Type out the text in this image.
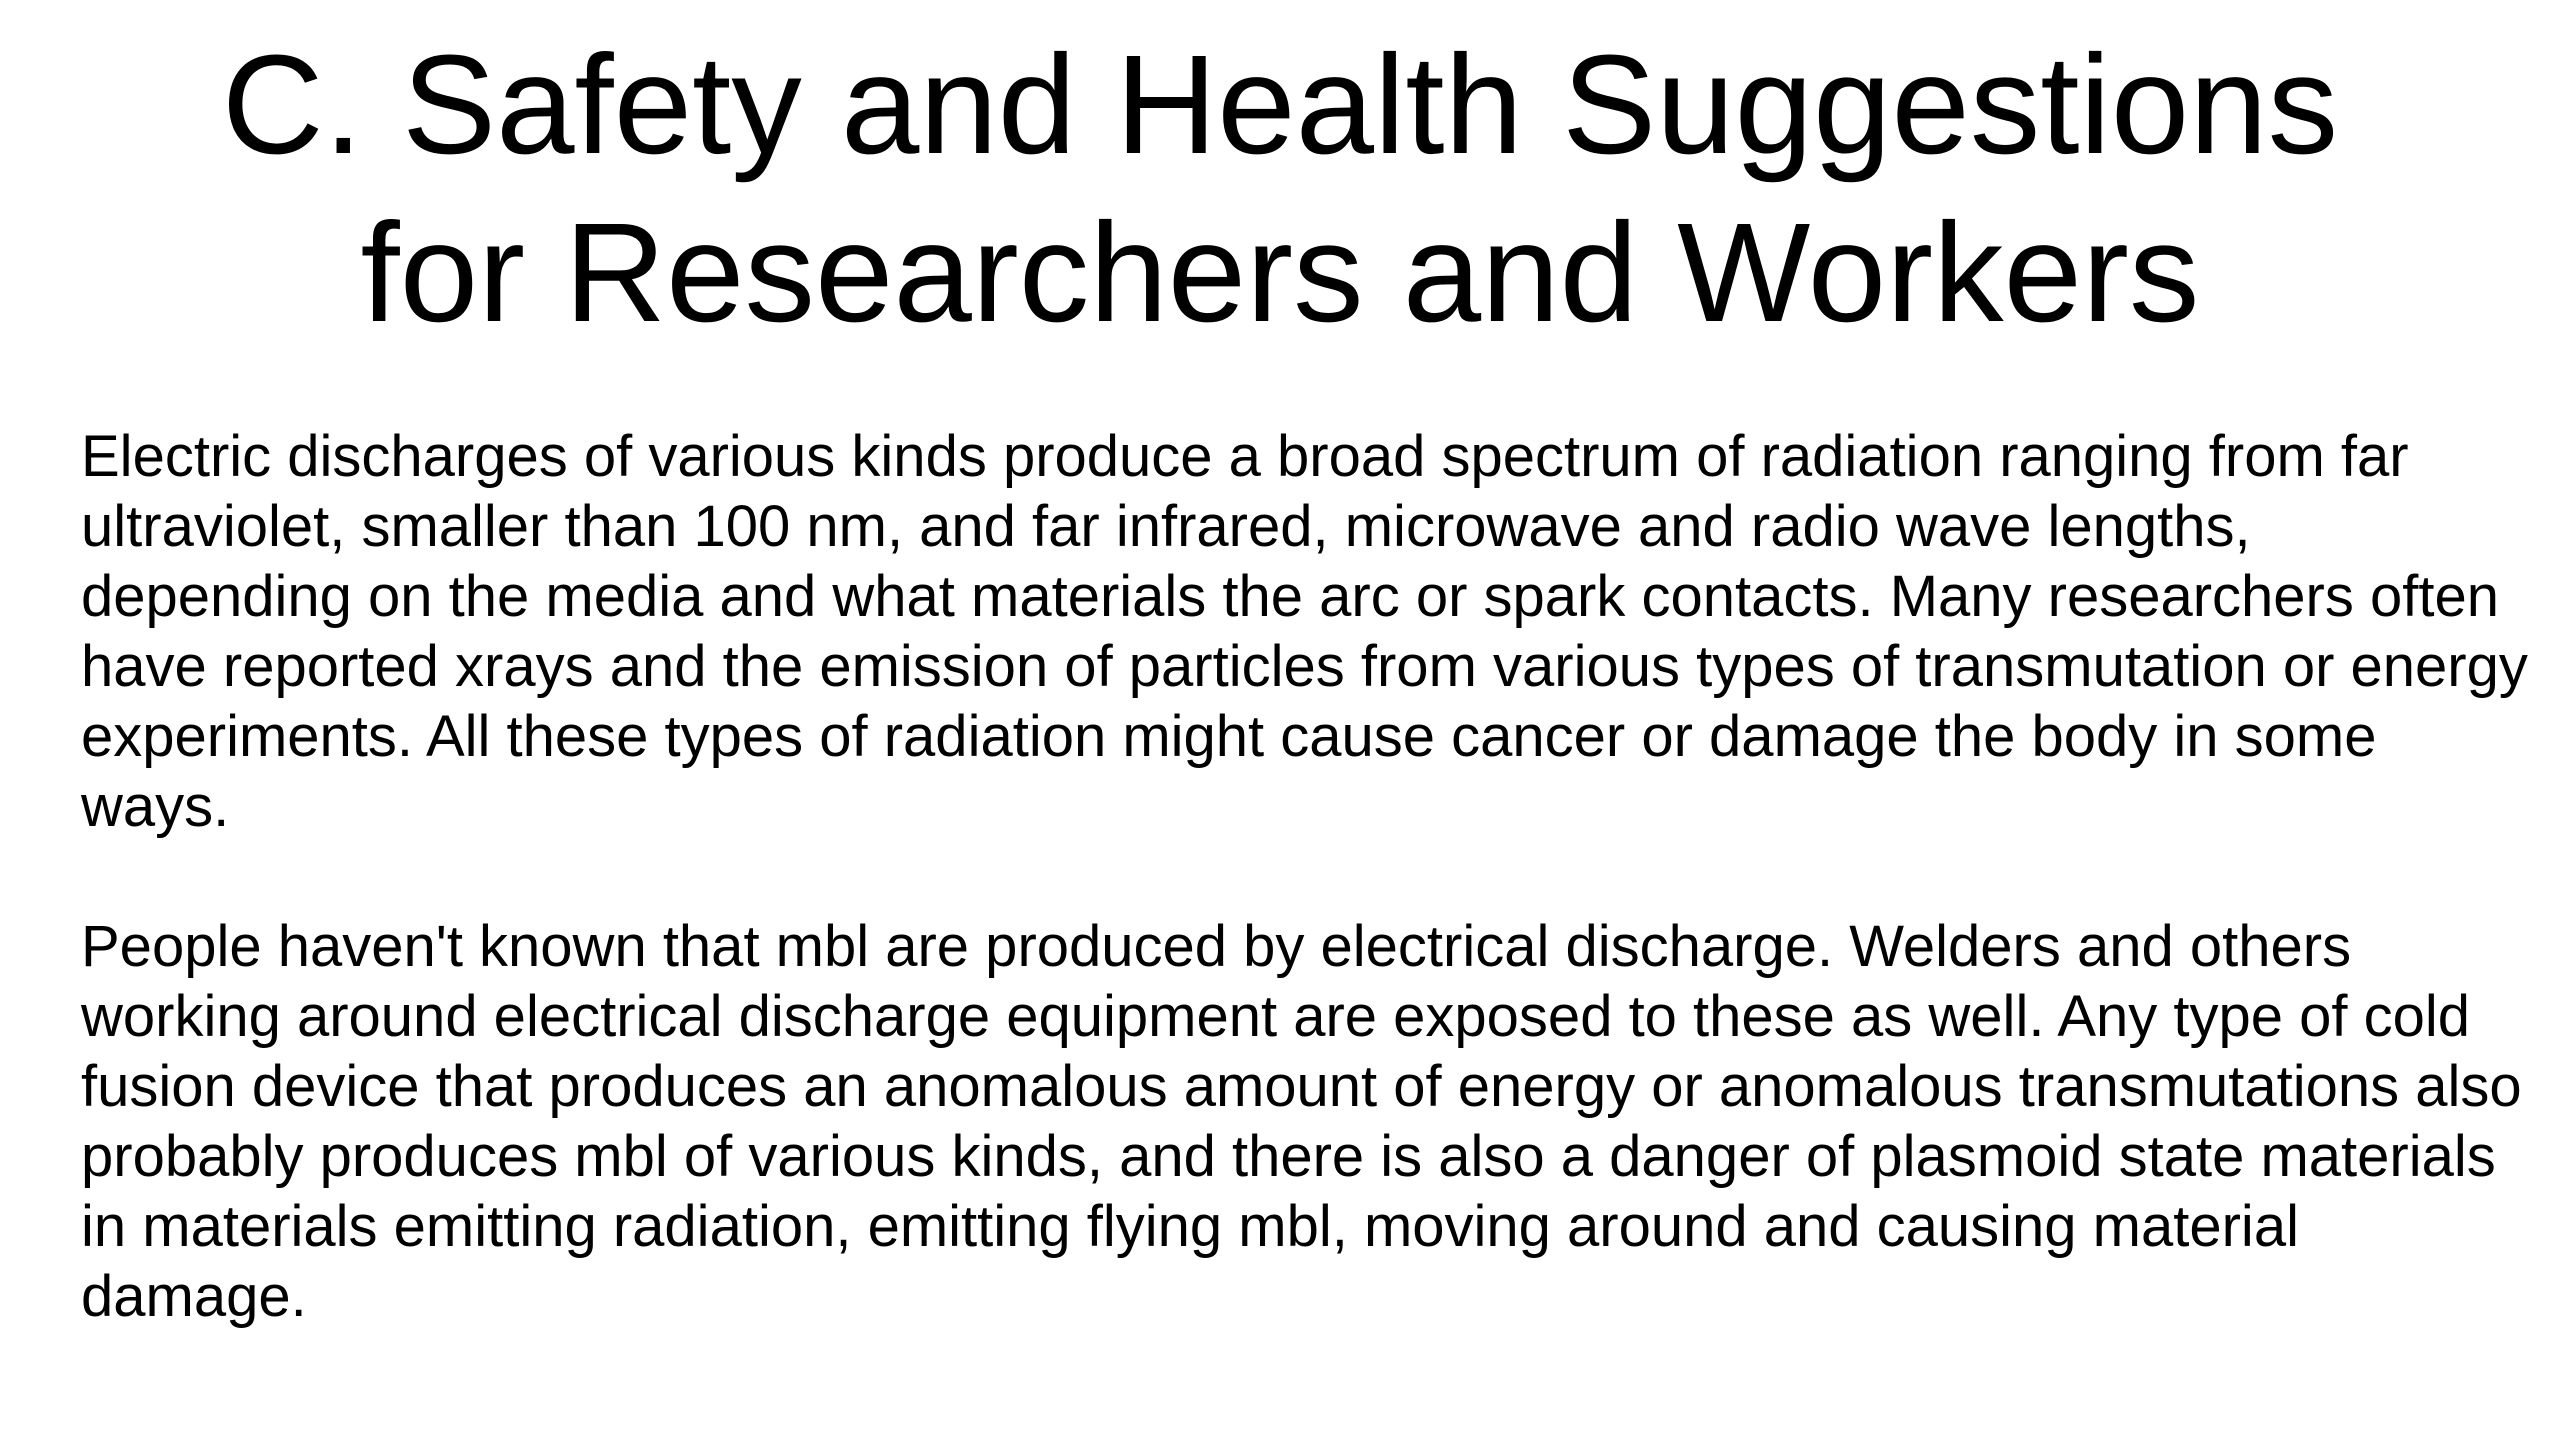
C. Safety and Health Suggestions
for Researchers and Workers

Electric discharges of various kinds produce a broad spectrum of radiation ranging from far
ultraviolet, smaller than 100 nm, and far infrared, microwave and radio wave lengths,
depending on the media and what materials the arc or spark contacts. Many researchers often
have reported xrays and the emission of particles from various types of transmutation or energy
experiments. All these types of radiation might cause cancer or damage the body in some
ways.

People haven't known that mbl are produced by electrical discharge. Welders and others
working around electrical discharge equipment are exposed to these as well. Any type of cold
fusion device that produces an anomalous amount of energy or anomalous transmutations also
probably produces mbl of various kinds, and there is also a danger of plasmoid state materials
in materials emitting radiation, emitting flying mbl, moving around and causing material
damage.
